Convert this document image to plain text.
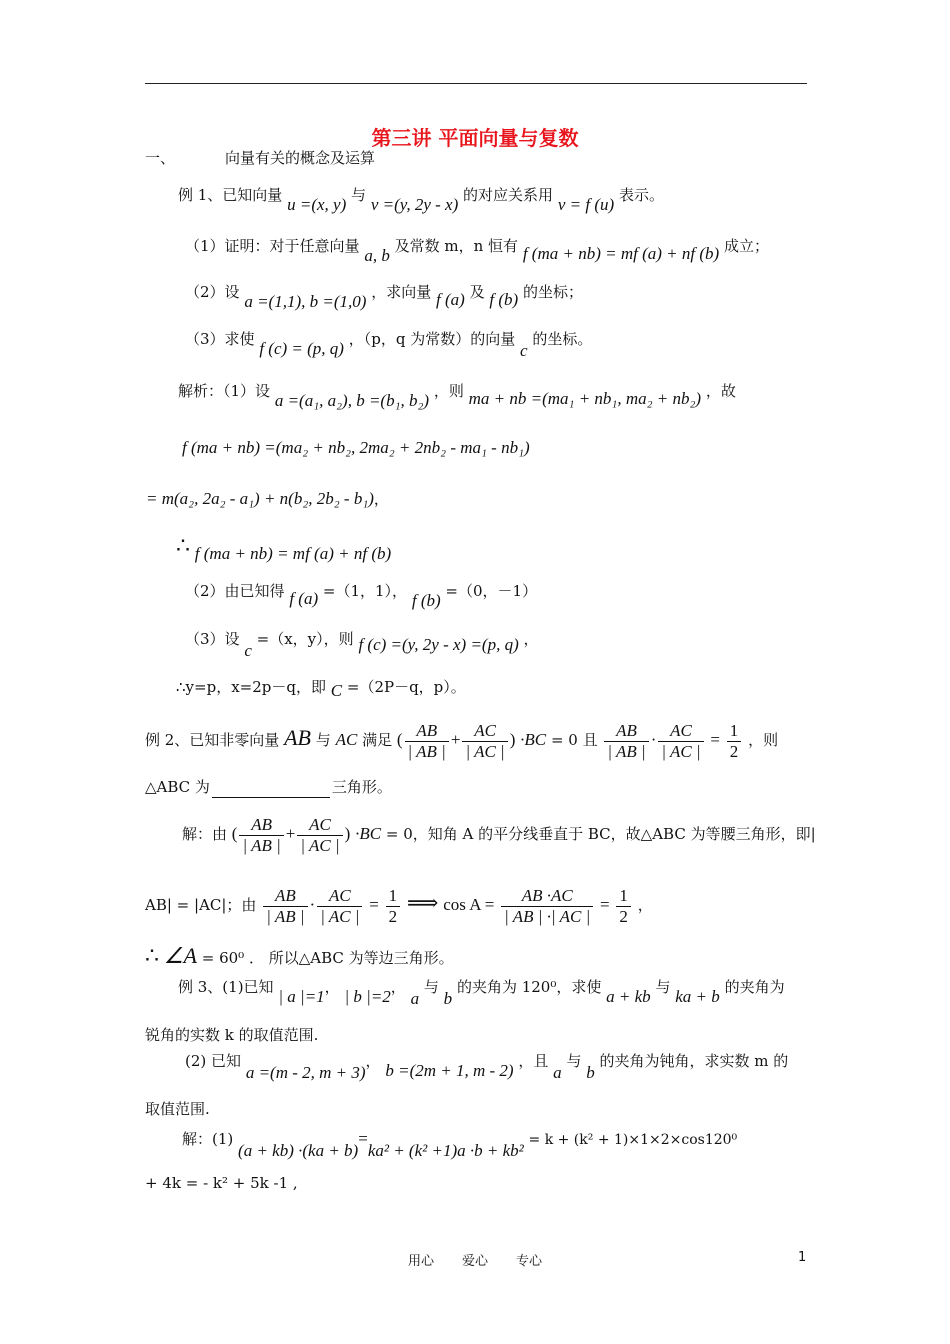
第三讲 平面向量与复数
一、	向量有关的概念及运算
例 1、已知向量 u =(x, y) 与 v =(y, 2y - x) 的对应关系用 v = f (u) 表示。
（1）证明：对于任意向量 a, b 及常数 m，n 恒有 f (ma + nb) = mf (a) + nf (b) 成立；
（2）设 a =(1,1), b =(1,0) ，求向量 f (a) 及 f (b) 的坐标；
（3）求使 f (c) = (p, q) ，（p，q 为常数）的向量 c 的坐标。
解析：（1）设 a =(a₁, a₂), b =(b₁, b₂) ，则 ma + nb =(ma₁ + nb₁, ma₂ + nb₂) ，故
f (ma + nb) =(ma₂ + nb₂, 2ma₂ + 2nb₂ - ma₁ - nb₁)
= m(a₂, 2a₂ - a₁) + n(b₂, 2b₂ - b₁)，
∴ f (ma + nb) = mf (a) + nf (b)
（2）由已知得 f (a) =（1，1）， f (b) =（0，－1）
（3）设 c =（x，y），则 f (c) =(y, 2y - x) =(p, q) ，
∴y=p，x=2p－q，即 C =（2P－q，p）。
例 2、已知非零向量 AB 与 AC 满足 ( $\frac{AB}{| AB |} + \frac{AC}{| AC |}$ ) ·BC = 0 且 $\frac{AB}{| AB |} \cdot \frac{AC}{| AC |} = \frac{1}{2}$ ，则
△ABC 为	三角形。
解：由 ( $\frac{AB}{| AB |} + \frac{AC}{| AC |}$ ) ·BC = 0，知角 A 的平分线垂直于 BC，故△ABC 为等腰三角形，即|
AB| = |AC|；由 $\frac{AB}{| AB |} \cdot \frac{AC}{| AC |} = \frac{1}{2}$ ⟹ $\cos A = \frac{AB \cdot AC}{| AB | \cdot| AC |} = \frac{1}{2}$ ，
∴ ∠A = 60⁰ ． 所以△ABC 为等边三角形。
例 3、(1)已知 | a |=1， | b |=2， a 与 b 的夹角为 120⁰，求使 a + kb 与 ka + b 的夹角为
锐角的实数 k 的取值范围.
(2) 已知 a =(m - 2, m + 3)， b =(2m + 1, m - 2) ，且 a 与 b 的夹角为钝角，求实数 m 的
取值范围.
解：(1) (a + kb) ·(ka + b)=ka² + (k² +1)a ·b + kb² = k + (k² + 1)×1×2×cos120⁰
+ 4k = - k² + 5k -1 ,
用心 爱心 专心	1
